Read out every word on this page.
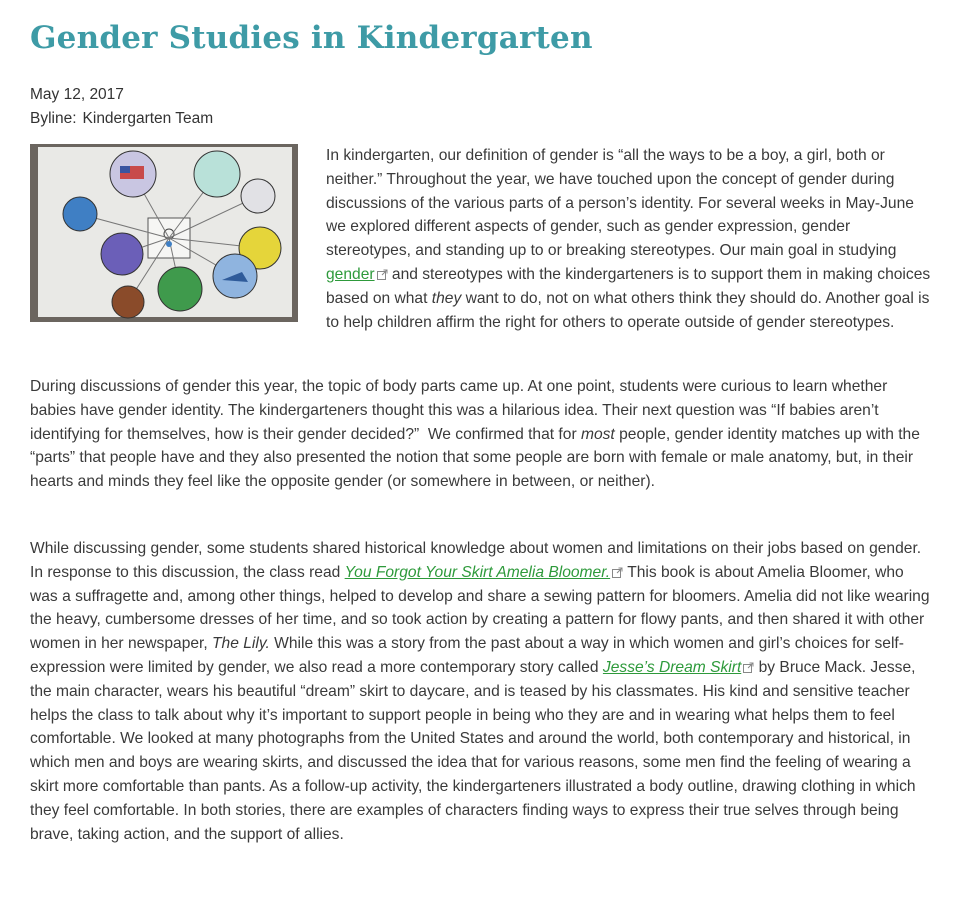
Gender Studies in Kindergarten
May 12, 2017
Byline: Kindergarten Team

In kindergarten, our definition of gender is “all the ways to be a boy, a girl, both or neither.” Throughout the year, we have touched upon the concept of gender during discussions of the various parts of a person’s identity. For several weeks in May-June we explored different aspects of gender, such as gender expression, gender stereotypes, and standing up to or breaking stereotypes. Our main goal in studying gender and stereotypes with the kindergarteners is to support them in making choices based on what they want to do, not on what others think they should do. Another goal is to help children affirm the right for others to operate outside of gender stereotypes.

During discussions of gender this year, the topic of body parts came up. At one point, students were curious to learn whether babies have gender identity. The kindergarteners thought this was a hilarious idea. Their next question was “If babies aren’t identifying for themselves, how is their gender decided?”  We confirmed that for most people, gender identity matches up with the “parts” that people have and they also presented the notion that some people are born with female or male anatomy, but, in their hearts and minds they feel like the opposite gender (or somewhere in between, or neither).

While discussing gender, some students shared historical knowledge about women and limitations on their jobs based on gender. In response to this discussion, the class read You Forgot Your Skirt Amelia Bloomer. This book is about Amelia Bloomer, who was a suffragette and, among other things, helped to develop and share a sewing pattern for bloomers. Amelia did not like wearing the heavy, cumbersome dresses of her time, and so took action by creating a pattern for flowy pants, and then shared it with other women in her newspaper, The Lily. While this was a story from the past about a way in which women and girl’s choices for self-expression were limited by gender, we also read a more contemporary story called Jesse’s Dream Skirt by Bruce Mack. Jesse, the main character, wears his beautiful “dream” skirt to daycare, and is teased by his classmates. His kind and sensitive teacher helps the class to talk about why it’s important to support people in being who they are and in wearing what helps them to feel comfortable. We looked at many photographs from the United States and around the world, both contemporary and historical, in which men and boys are wearing skirts, and discussed the idea that for various reasons, some men find the feeling of wearing a skirt more comfortable than pants. As a follow-up activity, the kindergarteners illustrated a body outline, drawing clothing in which they feel comfortable. In both stories, there are examples of characters finding ways to express their true selves through being brave, taking action, and the support of allies.
